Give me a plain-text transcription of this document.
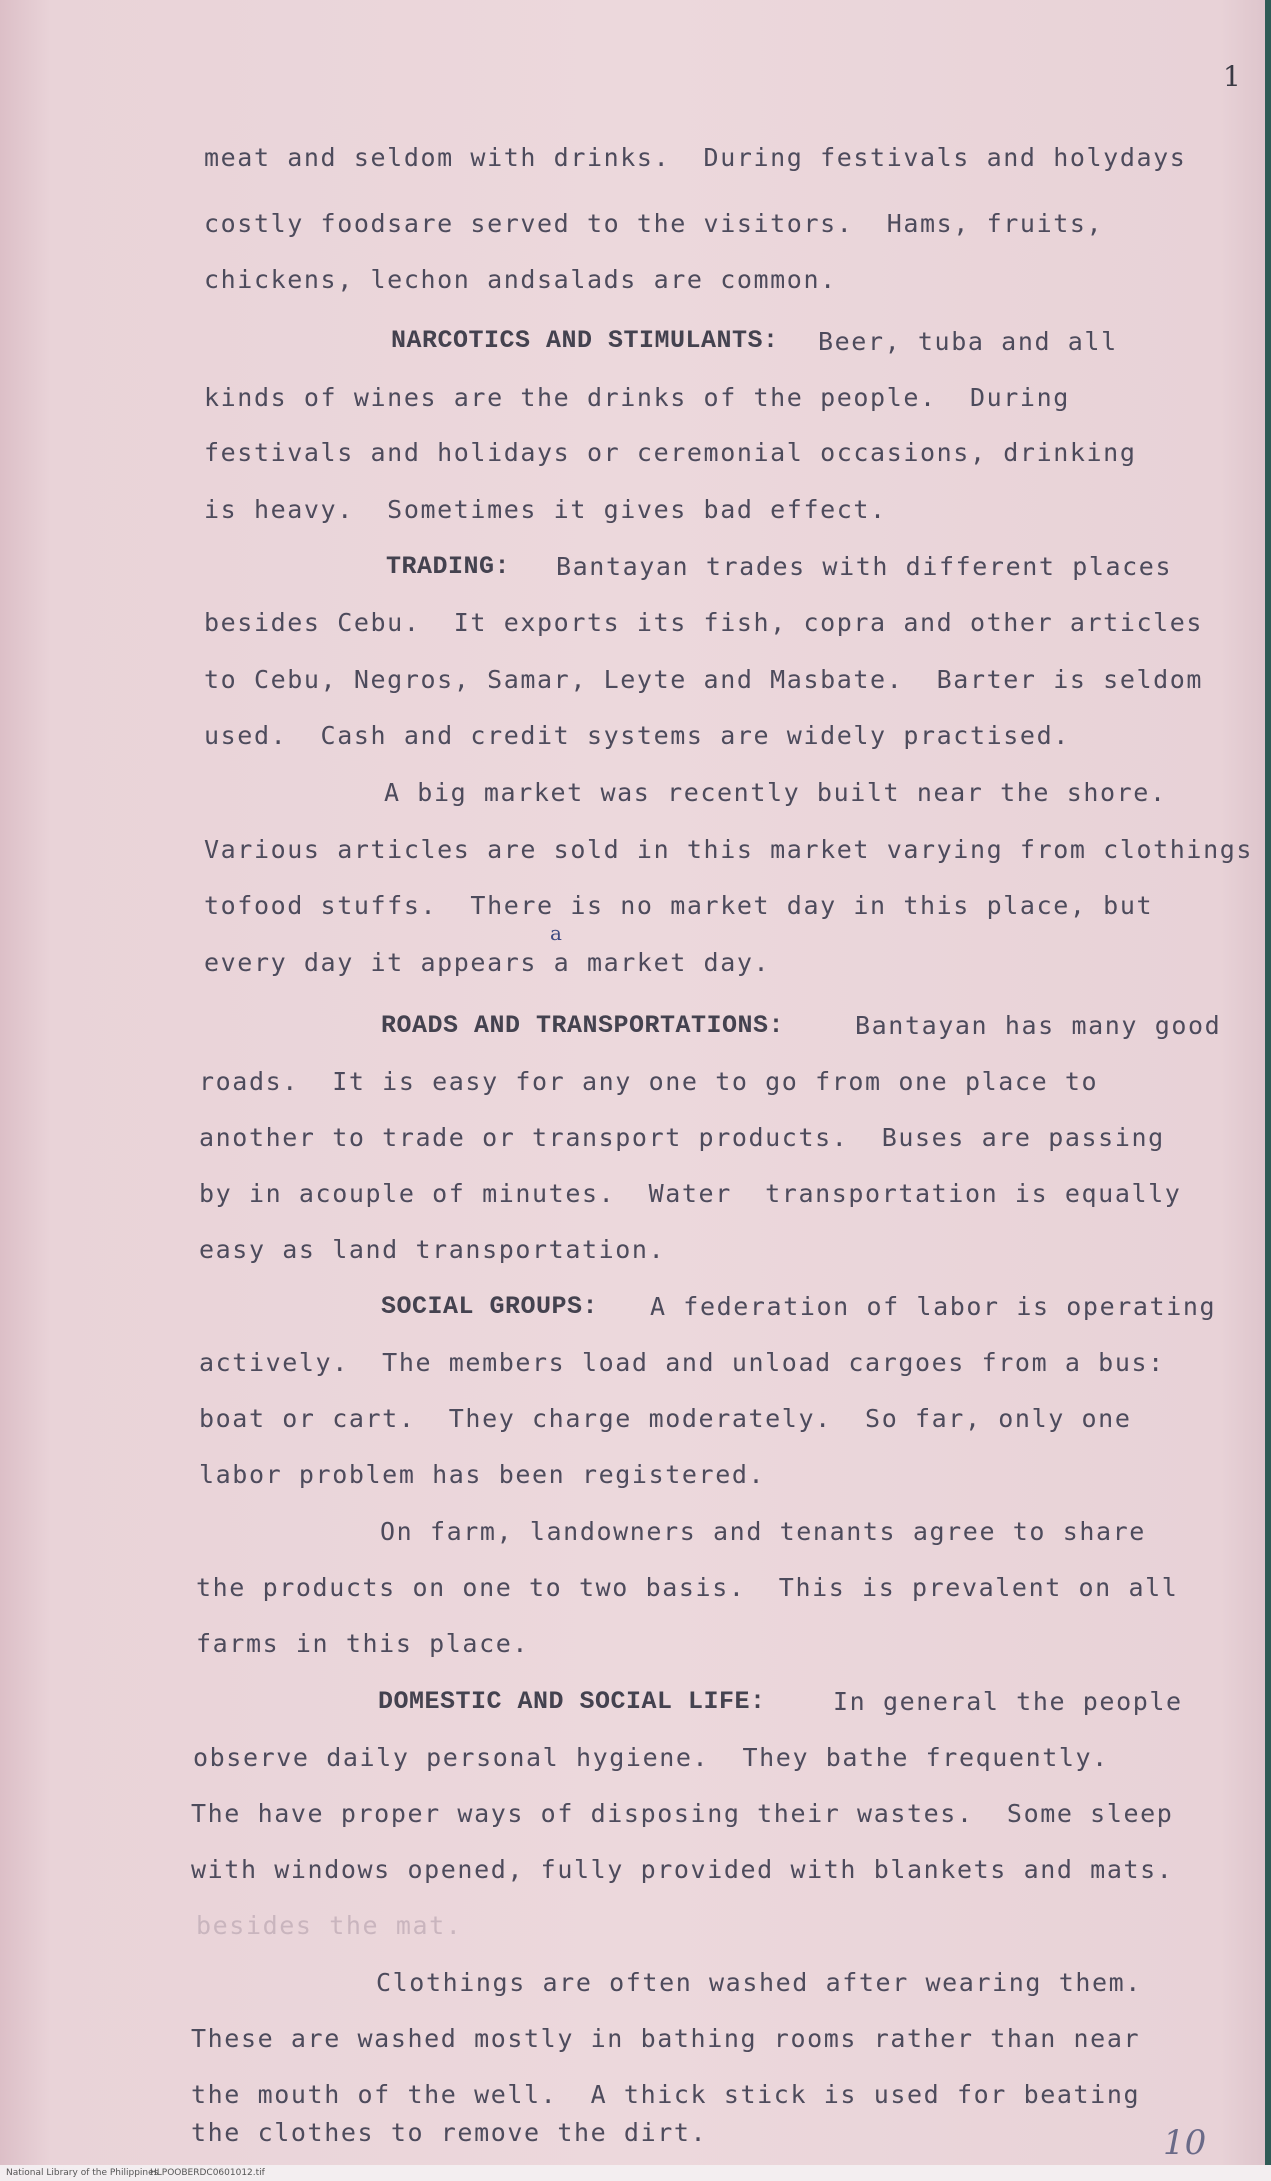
1
meat and seldom with drinks.  During festivals and holydays
costly foodsare served to the visitors.  Hams, fruits,
chickens, lechon andsalads are common.
NARCOTICS AND STIMULANTS: Beer, tuba and all
kinds of wines are the drinks of the people.  During
festivals and holidays or ceremonial occasions, drinking
is heavy.  Sometimes it gives bad effect.
TRADING: Bantayan trades with different places
besides Cebu.  It exports its fish, copra and other articles
to Cebu, Negros, Samar, Leyte and Masbate.  Barter is seldom
used.  Cash and credit systems are widely practised.
A big market was recently built near the shore.
Various articles are sold in this market varying from clothings
tofood stuffs.  There is no market day in this place, but
a
every day it appears a market day.
ROADS AND TRANSPORTATIONS:	Bantayan has many good
roads.  It is easy for any one to go from one place to
another to trade or transport products.  Buses are passing
by in acouple of minutes.  Water  transportation is equally
easy as land transportation.
SOCIAL GROUPS: A federation of labor is operating
actively.  The members load and unload cargoes from a bus:
boat or cart.  They charge moderately.  So far, only one
labor problem has been registered.
On farm, landowners and tenants agree to share
the products on one to two basis.  This is prevalent on all
farms in this place.
DOMESTIC AND SOCIAL LIFE:	In general the people
observe daily personal hygiene.  They bathe frequently.
The have proper ways of disposing their wastes.  Some sleep
with windows opened, fully provided with blankets and mats.
besides the mat.
Clothings are often washed after wearing them.
These are washed mostly in bathing rooms rather than near
the mouth of the well.  A thick stick is used for beating
the clothes to remove the dirt.	10
National Library of the Philippines
HLPOOBERDC0601012.tif
